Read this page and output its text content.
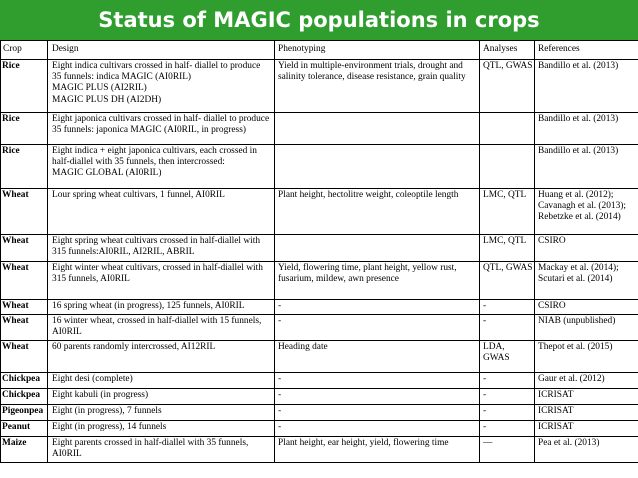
Status of MAGIC populations in crops
Crop	Design	Phenotyping	Analyses	References
Rice	Eight indica cultivars crossed in half- diallel to produce
35 funnels: indica MAGIC (AI0RIL)
MAGIC PLUS (AI2RIL)
MAGIC PLUS DH (AI2DH)	Yield in multiple-environment trials, drought and
salinity tolerance, disease resistance, grain quality	QTL, GWAS	Bandillo et al. (2013)

Rice	Eight japonica cultivars crossed in half- diallel to produce
35 funnels: japonica MAGIC (AI0RIL, in progress)			Bandillo et al. (2013)

Rice	Eight indica + eight japonica cultivars, each crossed in
half-diallel with 35 funnels, then intercrossed:
MAGIC GLOBAL (AI0RIL)			Bandillo et al. (2013)

Wheat	Lour spring wheat cultivars, 1 funnel, AI0RIL	Plant height, hectolitre weight, coleoptile length	LMC, QTL	Huang et al. (2012);
Cavanagh et al. (2013);
Rebetzke et al. (2014)

Wheat	Eight spring wheat cultivars crossed in half-diallel with
315 funnels:AI0RIL, AI2RIL, ABRIL		LMC, QTL	CSIRO

Wheat	Eight winter wheat cultivars, crossed in half-diallel with
315 funnels, AI0RIL	Yield, flowering time, plant height, yellow rust,
fusarium, mildew, awn presence	QTL, GWAS	Mackay et al. (2014);
Scutari et al. (2014)

Wheat	16 spring wheat (in progress), 125 funnels, AI0RIL	-	-	CSIRO

Wheat	16 winter wheat, crossed in half-diallel with 15 funnels,
AI0RIL	-	-	NIAB (unpublished)

Wheat	60 parents randomly intercrossed, AI12RIL	Heading date	LDA,
GWAS	Thepot et al. (2015)

Chickpea	Eight desi (complete)	-	-	Gaur et al. (2012)

Chickpea	Eight kabuli (in progress)	-	-	ICRISAT

Pigeonpea	Eight (in progress), 7 funnels	-	-	ICRISAT

Peanut	Eight (in progress), 14 funnels	-	-	ICRISAT

Maize	Eight parents crossed in half-diallel with 35 funnels,
AI0RIL	Plant height, ear height, yield, flowering time	—	Pea et al. (2013)
